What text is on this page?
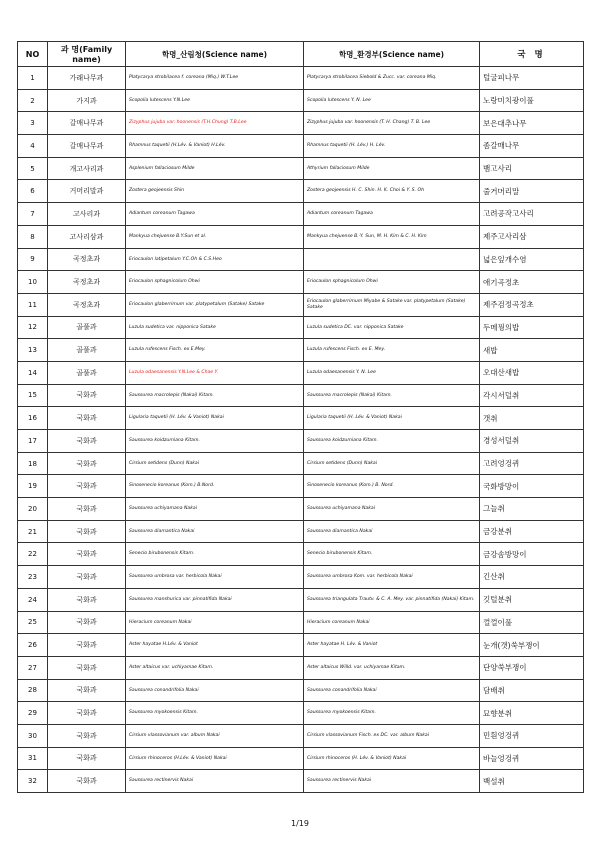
NO	과 명(Family name)	학명_산림청(Science name)	학명_환경부(Science name)	국 명
1	가래나무과	Platycarya strobilacea f. coreana (Miq.) W.T.Lee	Platycarya strobilacea Siebold & Zucc. var. coreana Miq.	털굴피나무
2	가지과	Scopolia lutescens Y.N.Lee	Scopolia lutescens Y. N. Lee	노랑미치광이풀
3	갈매나무과	Zizyphus jujuba var. hoonensis (T.H.Chung) T.B.Lee	Zizyphus jujuba var. hoonensis (T. H. Chang) T. B. Lee	보은대추나무
4	갈매나무과	Rhamnus taquetii (H.Lév. & Vaniot) H.Lév.	Rhamnus taquetii (H. Lév.) H. Lév.	좀갈매나무
5	개고사리과	Asplenium fallaciosum Milde	Athyrium fallaciosum Milde	뱀고사리
6	거머리말과	Zostera geojeensis Shin	Zostera geojeensis H. C. Shin. H. K. Choi & Y. S. Oh	줄거머리말
7	고사리과	Adiantum coreanum Tagawa	Adiantum coreanum Tagawa	고려공작고사리
8	고사리삼과	Mankyua chejuense B.Y.Sun et al.	Mankyua chejuense B.-Y. Sun, M. H. Kim & C. H. Kim	제주고사리삼
9	곡정초과	Eriocaulon latipetalum Y.C.Oh & C.S.Heo		넓은잎개수염
10	곡정초과	Eriocaulon sphagnicolum Ohwi	Eriocaulon sphagnicolum Ohwi	애기곡정초
11	곡정초과	Eriocaulon glaberrimum var. platypetalum (Satake) Satake	Eriocaulon glaberrimum Miyabe & Satake var. platypetalum (Satake) Satake	제주검정곡정초
12	골풀과	Luzula sudetica var. nipponica Satake	Luzula sudetica DC. var. nipponica Satake	두메꿩의밥
13	골풀과	Luzula rufescens Fisch. ex E.Mey.	Luzula rufescens Fisch. ex E. Mey.	새밥
14	골풀과	Luzula odaesanensis Y.N.Lee & Chae Y.	Luzula odaesanensis Y. N. Lee	오대산새밥
15	국화과	Saussurea macrolepis (Nakai) Kitam.	Saussurea macrolepis (Nakai) Kitam.	각시서덜취
16	국화과	Ligularia taquetii (H. Lév. & Vaniot) Nakai	Ligularia taquetii (H. Lév. & Vaniot) Nakai	갯취
17	국화과	Saussurea koidzumiana Kitam.	Saussurea koidzumiana Kitam.	경성서덜취
18	국화과	Cirsium setidens (Dunn) Nakai	Cirsium setidens (Dunn) Nakai	고려엉겅퀴
19	국화과	Sinosenecio koreanus (Kom.) B.Nord.	Sinosenecio koreanus (Kom.) B. Nord.	국화방망이
20	국화과	Saussurea uchiyamana Nakai	Saussurea uchiyamana Nakai	그늘취
21	국화과	Saussurea diamantica Nakai	Saussurea diamantica Nakai	금강분취
22	국화과	Senecio birubonensis Kitam.	Senecio birubonensis Kitam.	금강솜방망이
23	국화과	Saussurea umbrosa var. herbicola Nakai	Saussurea umbrosa Kom. var. herbicola Nakai	긴산취
24	국화과	Saussurea manshurica var. pinnatifida Nakai	Saussurea triangulata Trautv. & C. A. Mey. var. pinnatifida (Nakai) Kitam.	깃털분취
25	국화과	Hieracium coreanum Nakai	Hieracium coreanum Nakai	껄껄이풀
26	국화과	Aster hayatae H.Lév. & Vaniot	Aster hayatae H. Lév. & Vaniot	눈개(갯)쑥부쟁이
27	국화과	Aster altaicus var. uchiyamae Kitam.	Aster altaicus Willd. var. uchiyamae Kitam.	단양쑥부쟁이
28	국화과	Saussurea conandrifolia Nakai	Saussurea conandrifolia Nakai	담배취
29	국화과	Saussurea myokoensis Kitam.	Saussurea myokoensis Kitam.	묘향분취
30	국화과	Cirsium vlassovianum var. album Nakai	Cirsium vlassovianum Fisch. ex DC. var. album Nakai	민흰엉겅퀴
31	국화과	Cirsium rhinoceros (H.Lév. & Vaniot) Nakai	Cirsium rhinoceros (H. Lév. & Vaniot) Nakai	바늘엉겅퀴
32	국화과	Saussurea rectinervis Nakai	Saussurea rectinervis Nakai	백설취
1/19
